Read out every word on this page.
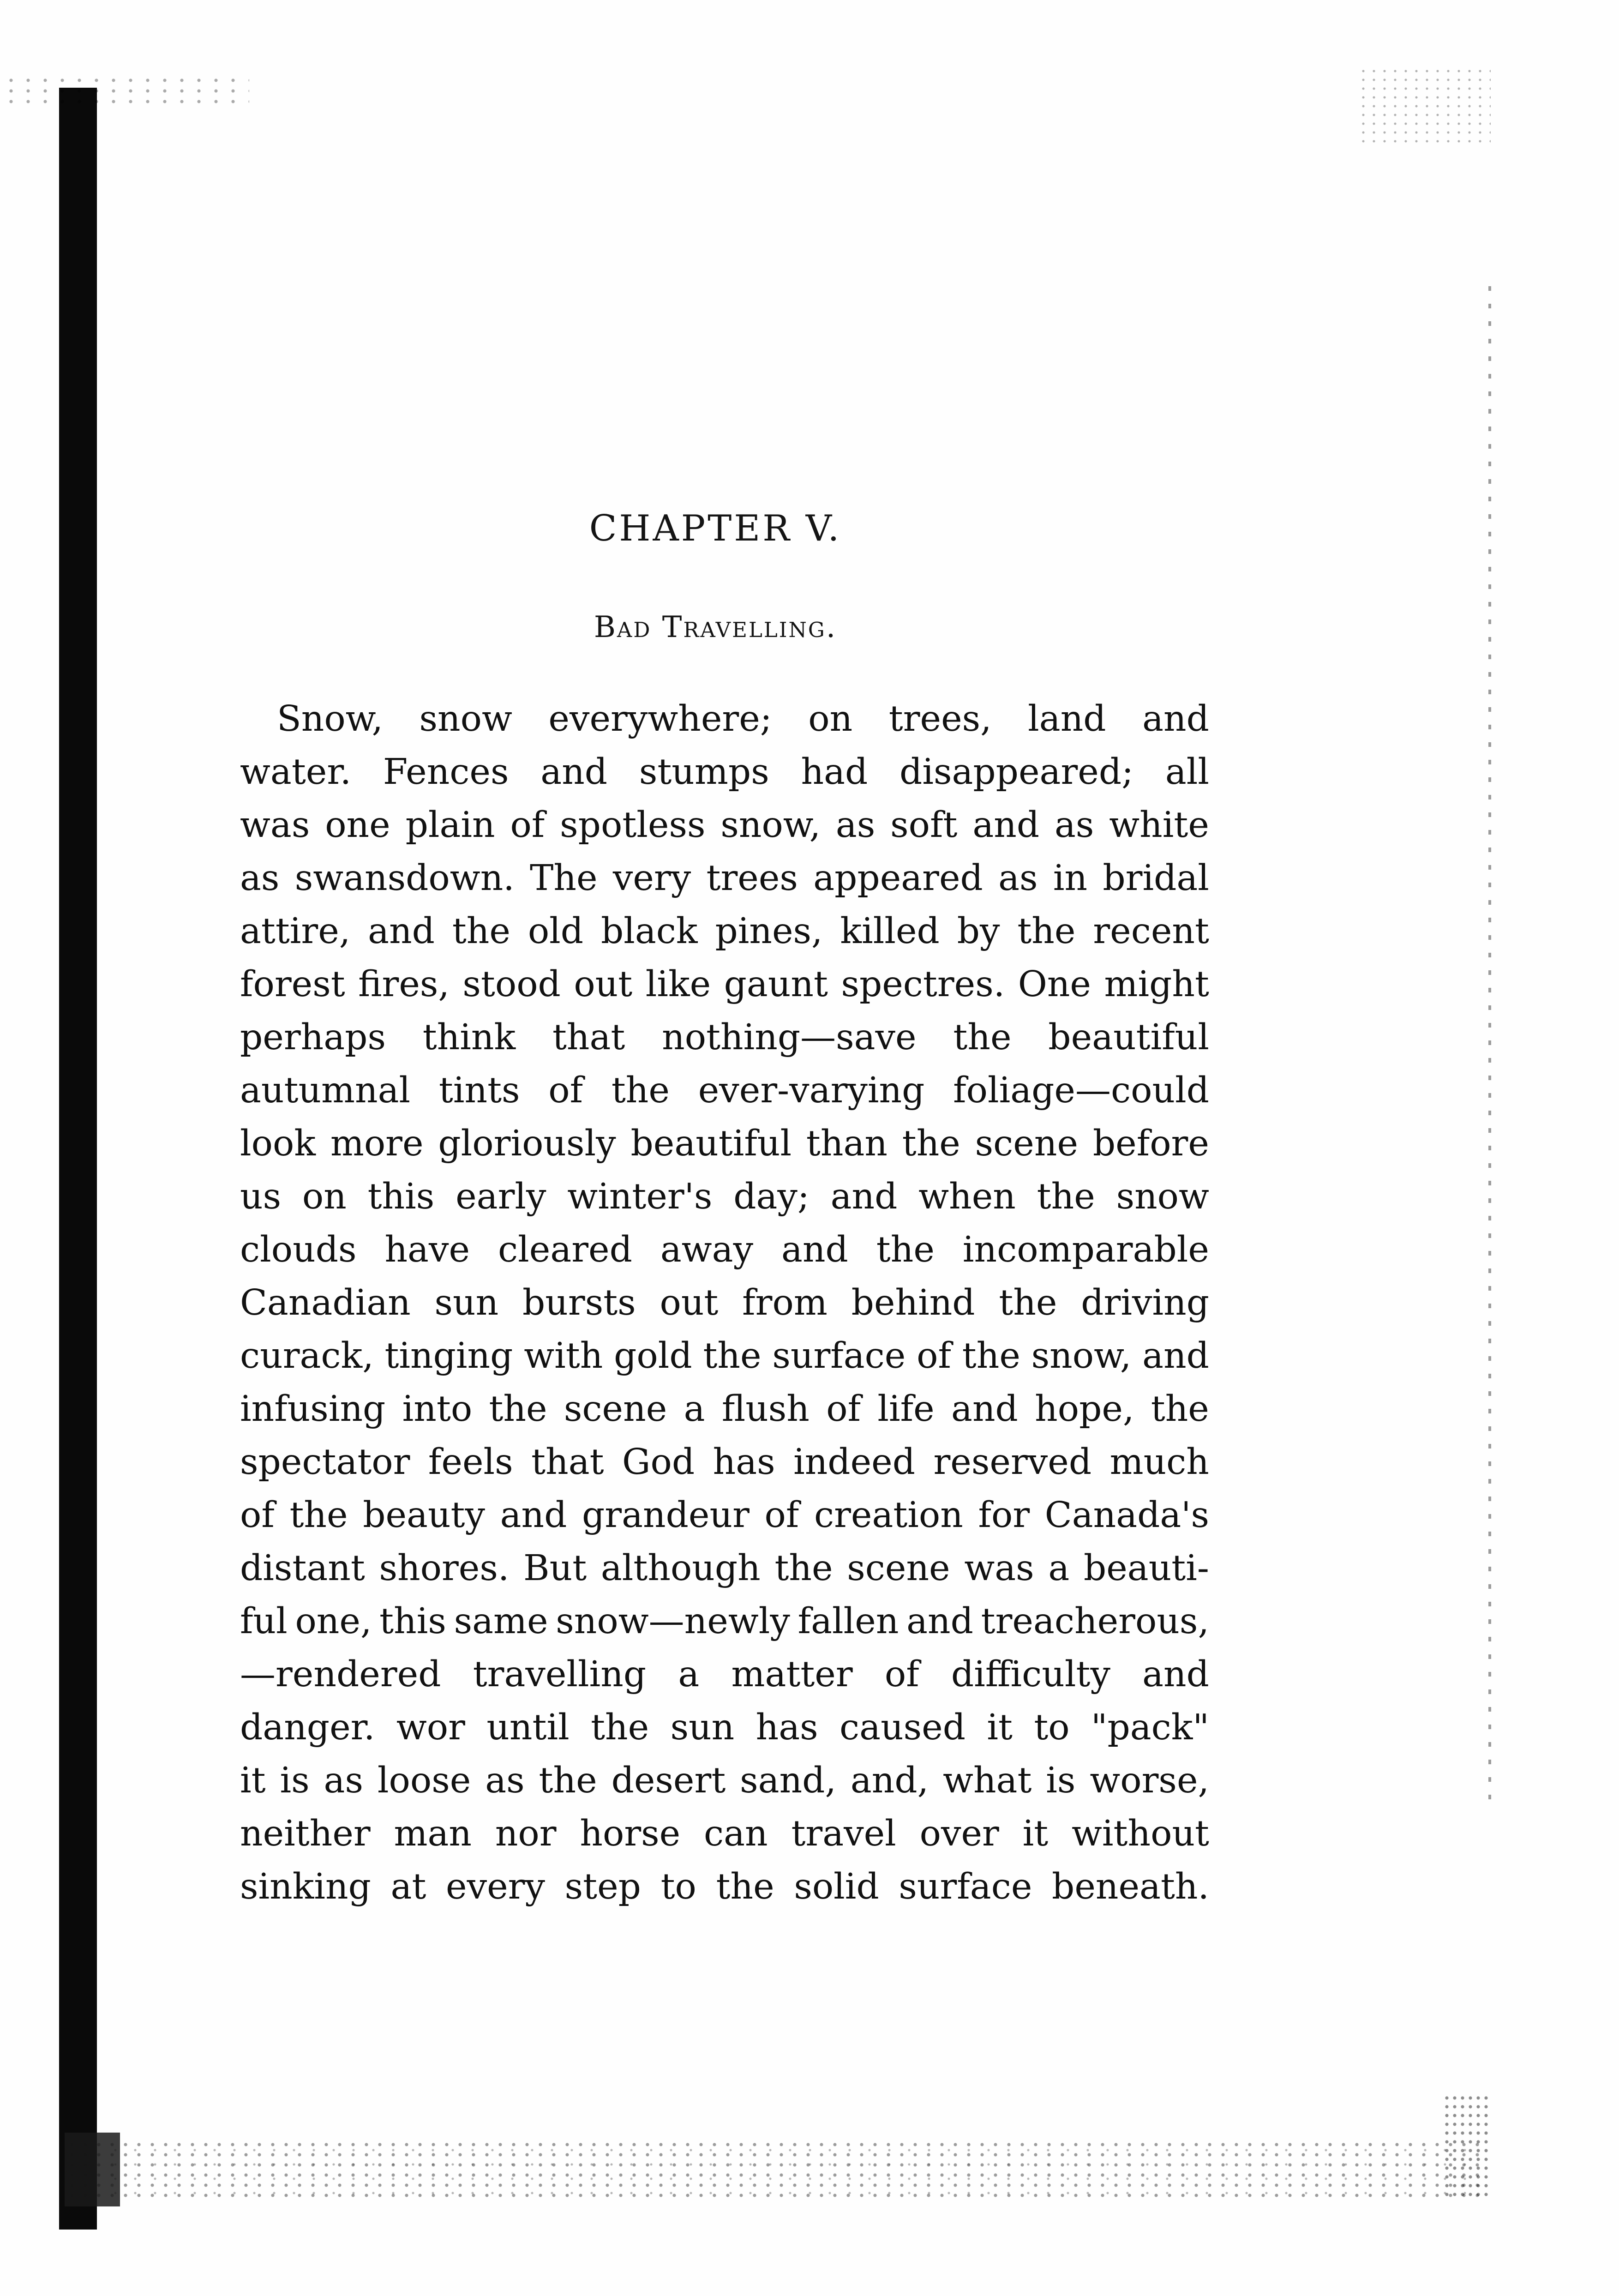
CHAPTER V.
Bad Travelling.
Snow, snow everywhere; on trees, land and
water. Fences and stumps had disappeared; all
was one plain of spotless snow, as soft and as white
as swansdown. The very trees appeared as in bridal
attire, and the old black pines, killed by the recent
forest fires, stood out like gaunt spectres. One might
perhaps think that nothing—save the beautiful
autumnal tints of the ever-varying foliage—could
look more gloriously beautiful than the scene before
us on this early winter's day; and when the snow
clouds have cleared away and the incomparable
Canadian sun bursts out from behind the driving
curack, tinging with gold the surface of the snow, and
infusing into the scene a flush of life and hope, the
spectator feels that God has indeed reserved much
of the beauty and grandeur of creation for Canada's
distant shores. But although the scene was a beauti-
ful one, this same snow—newly fallen and treacherous,
—rendered travelling a matter of difficulty and
danger. wor until the sun has caused it to "pack"
it is as loose as the desert sand, and, what is worse,
neither man nor horse can travel over it without
sinking at every step to the solid surface beneath.
